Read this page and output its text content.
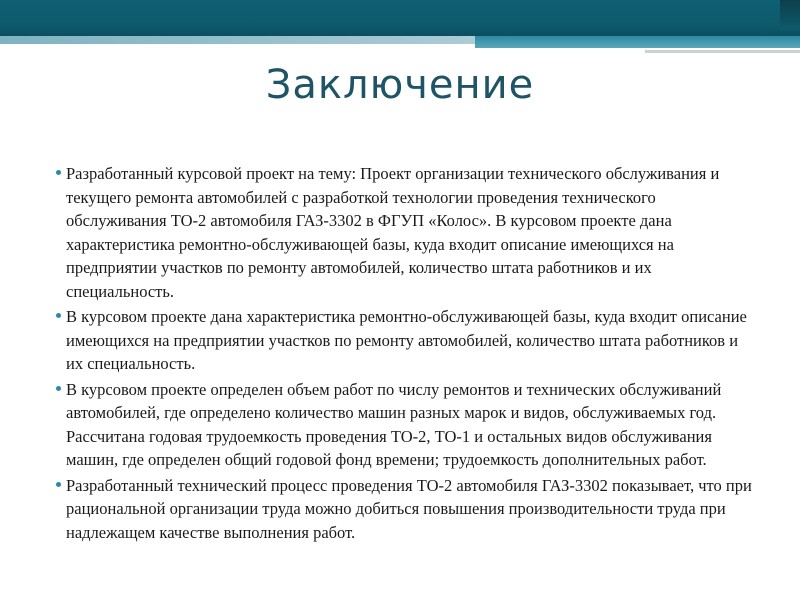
Заключение
Разработанный курсовой проект на тему: Проект организации технического обслуживания и текущего ремонта автомобилей с разработкой технологии проведения технического обслуживания ТО-2 автомобиля ГАЗ-3302 в ФГУП «Колос». В курсовом проекте дана характеристика ремонтно-обслуживающей базы, куда входит описание имеющихся на предприятии участков по ремонту автомобилей, количество штата работников и их специальность.
В курсовом проекте дана характеристика ремонтно-обслуживающей базы, куда входит описание имеющихся на предприятии участков по ремонту автомобилей, количество штата работников и их специальность.
В курсовом проекте определен объем работ по числу ремонтов и технических обслуживаний автомобилей, где определено количество машин разных марок и видов, обслуживаемых год. Рассчитана годовая трудоемкость проведения ТО-2, ТО-1 и остальных видов обслуживания машин, где определен общий годовой фонд времени; трудоемкость дополнительных работ.
Разработанный технический процесс проведения ТО-2 автомобиля ГАЗ-3302 показывает, что при рациональной организации труда можно добиться повышения производительности труда при надлежащем качестве выполнения работ.
